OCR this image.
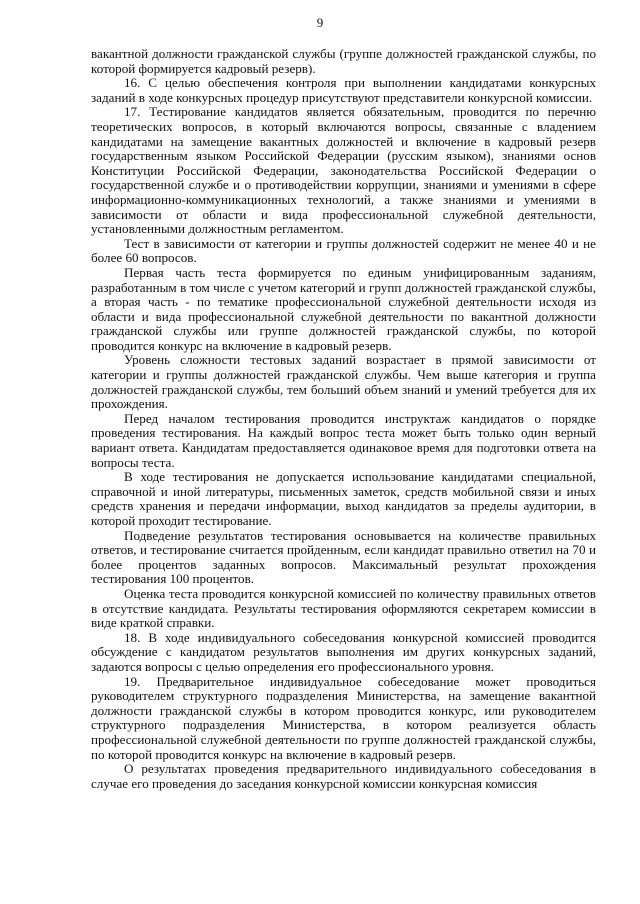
9

вакантной должности гражданской службы (группе должностей гражданской службы, по которой формируется кадровый резерв).

16. С целью обеспечения контроля при выполнении кандидатами конкурсных заданий в ходе конкурсных процедур присутствуют представители конкурсной комиссии.

17. Тестирование кандидатов является обязательным, проводится по перечню теоретических вопросов, в который включаются вопросы, связанные с владением кандидатами на замещение вакантных должностей и включение в кадровый резерв государственным языком Российской Федерации (русским языком), знаниями основ Конституции Российской Федерации, законодательства Российской Федерации о государственной службе и о противодействии коррупции, знаниями и умениями в сфере информационно-коммуникационных технологий, а также знаниями и умениями в зависимости от области и вида профессиональной служебной деятельности, установленными должностным регламентом.

Тест в зависимости от категории и группы должностей содержит не менее 40 и не более 60 вопросов.

Первая часть теста формируется по единым унифицированным заданиям, разработанным в том числе с учетом категорий и групп должностей гражданской службы, а вторая часть - по тематике профессиональной служебной деятельности исходя из области и вида профессиональной служебной деятельности по вакантной должности гражданской службы или группе должностей гражданской службы, по которой проводится конкурс на включение в кадровый резерв.

Уровень сложности тестовых заданий возрастает в прямой зависимости от категории и группы должностей гражданской службы. Чем выше категория и группа должностей гражданской службы, тем больший объем знаний и умений требуется для их прохождения.

Перед началом тестирования проводится инструктаж кандидатов о порядке проведения тестирования. На каждый вопрос теста может быть только один верный вариант ответа. Кандидатам предоставляется одинаковое время для подготовки ответа на вопросы теста.

В ходе тестирования не допускается использование кандидатами специальной, справочной и иной литературы, письменных заметок, средств мобильной связи и иных средств хранения и передачи информации, выход кандидатов за пределы аудитории, в которой проходит тестирование.

Подведение результатов тестирования основывается на количестве правильных ответов, и тестирование считается пройденным, если кандидат правильно ответил на 70 и более процентов заданных вопросов. Максимальный результат прохождения тестирования 100 процентов.

Оценка теста проводится конкурсной комиссией по количеству правильных ответов в отсутствие кандидата. Результаты тестирования оформляются секретарем комиссии в виде краткой справки.

18. В ходе индивидуального собеседования конкурсной комиссией проводится обсуждение с кандидатом результатов выполнения им других конкурсных заданий, задаются вопросы с целью определения его профессионального уровня.

19. Предварительное индивидуальное собеседование может проводиться руководителем структурного подразделения Министерства, на замещение вакантной должности гражданской службы в котором проводится конкурс, или руководителем структурного подразделения Министерства, в котором реализуется область профессиональной служебной деятельности по группе должностей гражданской службы, по которой проводится конкурс на включение в кадровый резерв.

О результатах проведения предварительного индивидуального собеседования в случае его проведения до заседания конкурсной комиссии конкурсная комиссия
